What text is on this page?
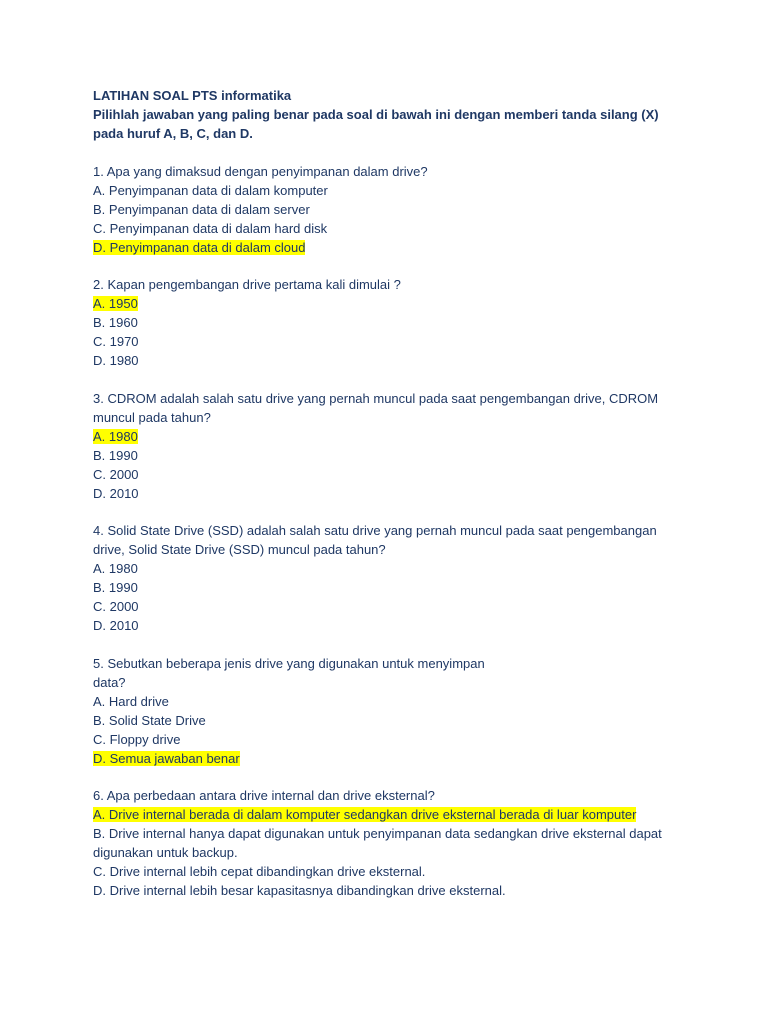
LATIHAN SOAL PTS informatika

Pilihlah jawaban yang paling benar pada soal di bawah ini dengan memberi tanda silang (X) pada huruf A, B, C, dan D.

1. Apa yang dimaksud dengan penyimpanan dalam drive?

A. Penyimpanan data di dalam komputer

B. Penyimpanan data di dalam server

C. Penyimpanan data di dalam hard disk

D. Penyimpanan data di dalam cloud

2. Kapan pengembangan drive pertama kali dimulai ?

A. 1950

B. 1960

C. 1970

D. 1980

3. CDROM adalah salah satu drive yang pernah muncul pada saat pengembangan drive, CDROM muncul pada tahun?

A. 1980

B. 1990

C. 2000

D. 2010

4. Solid State Drive (SSD) adalah salah satu drive yang pernah muncul pada saat pengembangan drive, Solid State Drive (SSD) muncul pada tahun?

A. 1980

B. 1990

C. 2000

D. 2010

5. Sebutkan beberapa jenis drive yang digunakan untuk menyimpan

data?

A. Hard drive

B. Solid State Drive

C. Floppy drive

D. Semua jawaban benar

6. Apa perbedaan antara drive internal dan drive eksternal?

A. Drive internal berada di dalam komputer sedangkan drive eksternal berada di luar komputer

B. Drive internal hanya dapat digunakan untuk penyimpanan data sedangkan drive eksternal dapat digunakan untuk backup.

C. Drive internal lebih cepat dibandingkan drive eksternal.

D. Drive internal lebih besar kapasitasnya dibandingkan drive eksternal.
